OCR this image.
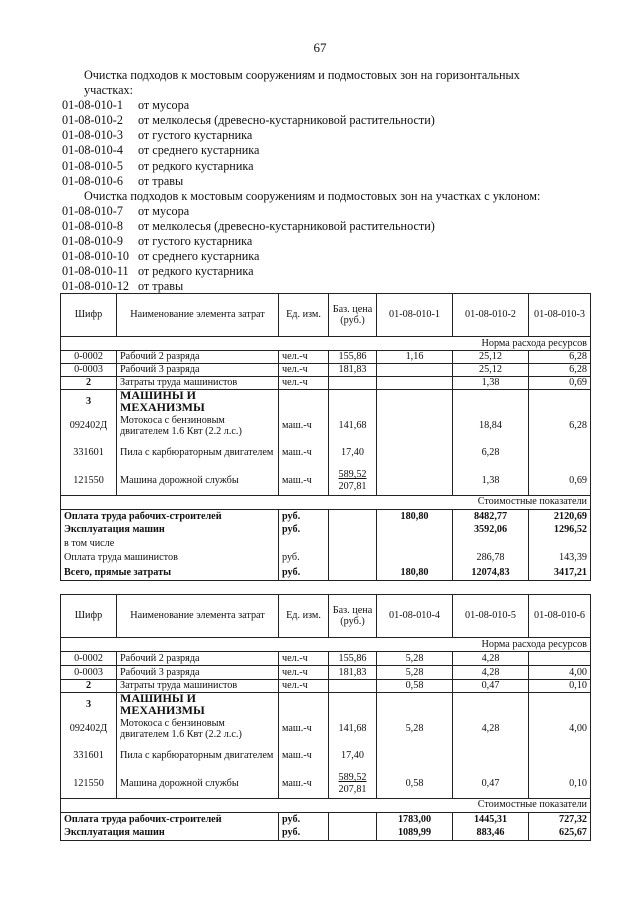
67
Очистка подходов к мостовым сооружениям и подмостовых зон на горизонтальных
участках:
01-08-010-1 от мусора
01-08-010-2 от мелколесья (древесно-кустарниковой растительности)
01-08-010-3 от густого кустарника
01-08-010-4 от среднего кустарника
01-08-010-5 от редкого кустарника
01-08-010-6 от травы
Очистка подходов к мостовым сооружениям и подмостовых зон на участках с уклоном:
01-08-010-7 от мусора
01-08-010-8 от мелколесья (древесно-кустарниковой растительности)
01-08-010-9 от густого кустарника
01-08-010-10 от среднего кустарника
01-08-010-11 от редкого кустарника
01-08-010-12 от травы
Шифр	Наименование элемента затрат	Ед. изм.	Баз. цена (руб.)	01-08-010-1	01-08-010-2	01-08-010-3
Норма расхода ресурсов						
0-0002	Рабочий 2 разряда	чел.-ч	155,86	1,16	25,12	6,28
0-0003	Рабочий 3 разряда	чел.-ч	181,83		25,12	6,28
2	Затраты труда машинистов	чел.-ч			1,38	0,69
3	МАШИНЫ И МЕХАНИЗМЫ					
092402Д	Мотокоса с бензиновым двигателем 1.6 Квт (2.2 л.с.)	маш.-ч	141,68		18,84	6,28
331601	Пила с карбюраторным двигателем	маш.-ч	17,40		6,28	
121550	Машина дорожной службы	маш.-ч	589,52
207,81		1,38	0,69
Стоимостные показатели						
Оплата труда рабочих-строителей		руб.		180,80	8482,77	2120,69
Эксплуатация машин		руб.			3592,06	1296,52
в том числе						
Оплата труда машинистов		руб.			286,78	143,39
Всего, прямые затраты		руб.		180,80	12074,83	3417,21
Шифр	Наименование элемента затрат	Ед. изм.	Баз. цена (руб.)	01-08-010-4	01-08-010-5	01-08-010-6
Норма расхода ресурсов						
0-0002	Рабочий 2 разряда	чел.-ч	155,86	5,28	4,28	
0-0003	Рабочий 3 разряда	чел.-ч	181,83	5,28	4,28	4,00
2	Затраты труда машинистов	чел.-ч		0,58	0,47	0,10
3	МАШИНЫ И МЕХАНИЗМЫ					
092402Д	Мотокоса с бензиновым двигателем 1.6 Квт (2.2 л.с.)	маш.-ч	141,68	5,28	4,28	4,00
331601	Пила с карбюраторным двигателем	маш.-ч	17,40			
121550	Машина дорожной службы	маш.-ч	589,52
207,81	0,58	0,47	0,10
Стоимостные показатели						
Оплата труда рабочих-строителей		руб.		1783,00	1445,31	727,32
Эксплуатация машин		руб.		1089,99	883,46	625,67
